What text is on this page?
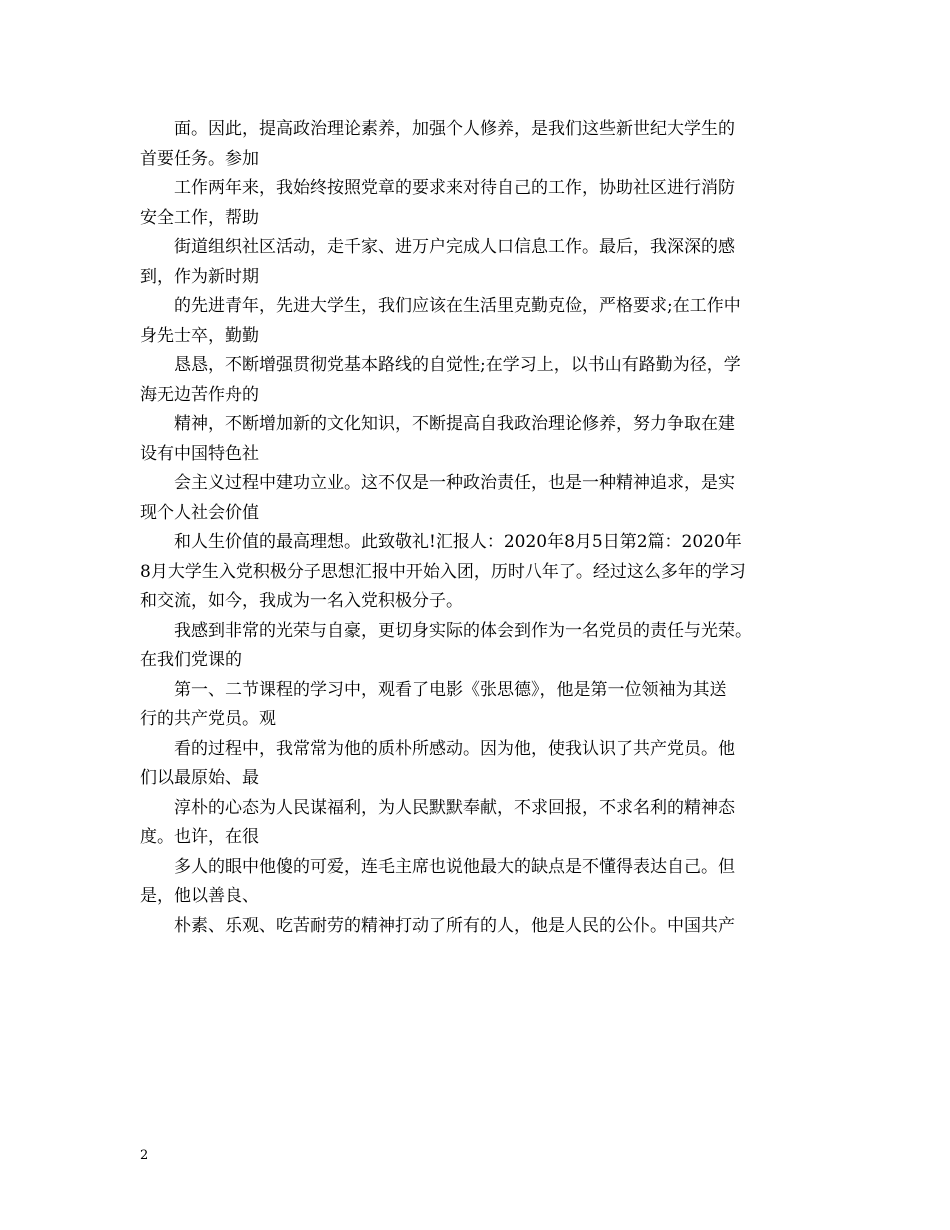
面。因此，提高政治理论素养，加强个人修养，是我们这些新世纪大学生的
首要任务。参加
工作两年来，我始终按照党章的要求来对待自己的工作，协助社区进行消防
安全工作，帮助
街道组织社区活动，走千家、进万户完成人口信息工作。最后，我深深的感
到，作为新时期
的先进青年，先进大学生，我们应该在生活里克勤克俭，严格要求;在工作中
身先士卒，勤勤
恳恳，不断增强贯彻党基本路线的自觉性;在学习上，以书山有路勤为径，学
海无边苦作舟的
精神，不断增加新的文化知识，不断提高自我政治理论修养，努力争取在建
设有中国特色社
会主义过程中建功立业。这不仅是一种政治责任，也是一种精神追求，是实
现个人社会价值
和人生价值的最高理想。此致敬礼!汇报人：2020年8月5日第2篇：2020年
8月大学生入党积极分子思想汇报中开始入团，历时八年了。经过这么多年的学习
和交流，如今，我成为一名入党积极分子。
我感到非常的光荣与自豪，更切身实际的体会到作为一名党员的责任与光荣。
在我们党课的
第一、二节课程的学习中，观看了电影《张思德》，他是第一位领袖为其送
行的共产党员。观
看的过程中，我常常为他的质朴所感动。因为他，使我认识了共产党员。他
们以最原始、最
淳朴的心态为人民谋福利，为人民默默奉献，不求回报，不求名利的精神态
度。也许，在很
多人的眼中他傻的可爱，连毛主席也说他最大的缺点是不懂得表达自己。但
是，他以善良、
朴素、乐观、吃苦耐劳的精神打动了所有的人，他是人民的公仆。中国共产
2
